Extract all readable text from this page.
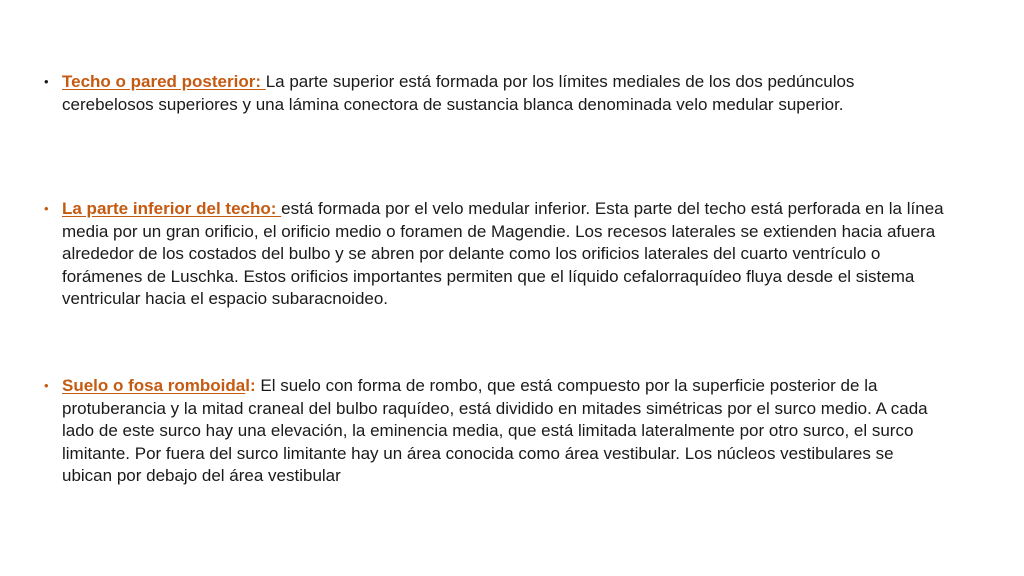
• Techo o pared posterior: La parte superior está formada por los límites mediales de los dos pedúnculos cerebelosos superiores y una lámina conectora de sustancia blanca denominada velo medular superior.
• La parte inferior del techo: está formada por el velo medular inferior. Esta parte del techo está perforada en la línea media por un gran orificio, el orificio medio o foramen de Magendie. Los recesos laterales se extienden hacia afuera alrededor de los costados del bulbo y se abren por delante como los orificios laterales del cuarto ventrículo o forámenes de Luschka. Estos orificios importantes permiten que el líquido cefalorraquídeo fluya desde el sistema ventricular hacia el espacio subaracnoideo.
• Suelo o fosa romboidal: El suelo con forma de rombo, que está compuesto por la superficie posterior de la protuberancia y la mitad craneal del bulbo raquídeo, está dividido en mitades simétricas por el surco medio. A cada lado de este surco hay una elevación, la eminencia media, que está limitada lateralmente por otro surco, el surco limitante. Por fuera del surco limitante hay un área conocida como área vestibular. Los núcleos vestibulares se ubican por debajo del área vestibular
